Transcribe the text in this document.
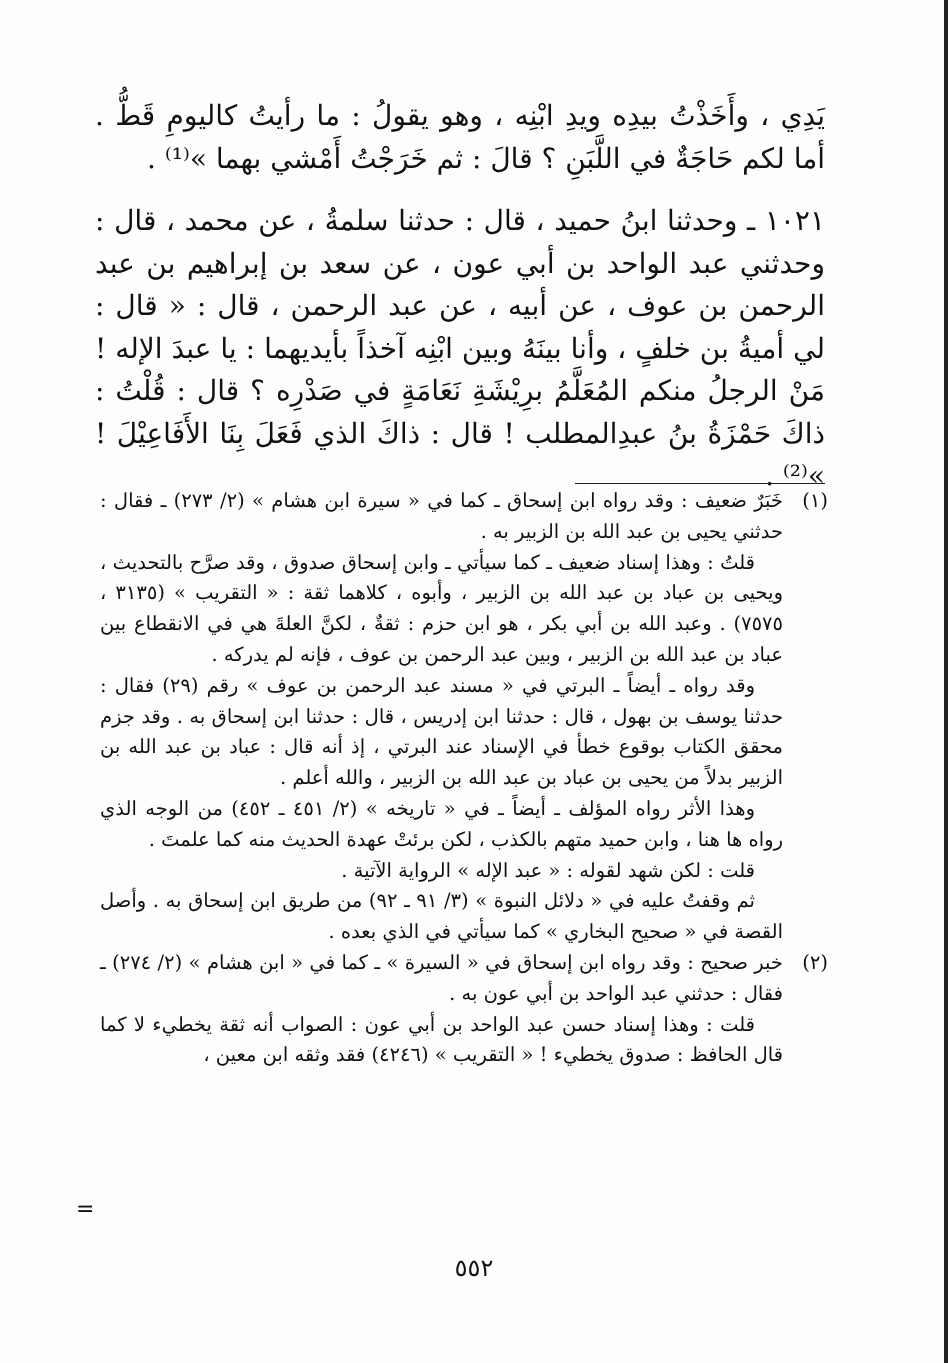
يَدِي ، وأَخَذْتُ بيدِه ويدِ ابْنِه ، وهو يقولُ : ما رأيتُ كاليومِ قَطُّ . أما لكم حَاجَةٌ في اللَّبَنِ ؟ قالَ : ثم خَرَجْتُ أَمْشي بهما »⁽¹⁾ .

١٠٢١ ـ وحدثنا ابنُ حميد ، قال : حدثنا سلمةُ ، عن محمد ، قال : وحدثني عبد الواحد بن أبي عون ، عن سعد بن إبراهيم بن عبد الرحمن بن عوف ، عن أبيه ، عن عبد الرحمن ، قال : « قال : لي أميةُ بن خلفٍ ، وأنا بينَهُ وبين ابْنِه آخذاً بأيديهما : يا عبدَ الإله ! مَنْ الرجلُ منكم المُعَلَّمُ برِيْشَةِ نَعَامَةٍ في صَدْرِه ؟ قال : قُلْتُ : ذاكَ حَمْزَةُ بنُ عبدِالمطلب ! قال : ذاكَ الذي فَعَلَ بِنَا الأَفَاعِيْلَ ! »⁽²⁾ .

(١)
خَبَرٌ ضعيف : وقد رواه ابن إسحاق ـ كما في « سيرة ابن هشام » (٢/ ٢٧٣) ـ فقال : حدثني يحيى بن عبد الله بن الزبير به .

قلتُ : وهذا إسناد ضعيف ـ كما سيأتي ـ وابن إسحاق صدوق ، وقد صرَّح بالتحديث ، ويحيى بن عباد بن عبد الله بن الزبير ، وأبوه ، كلاهما ثقة : « التقريب » (٣١٣٥ ، ٧٥٧٥) . وعبد الله بن أبي بكر ، هو ابن حزم : ثقةٌ ، لكنَّ العلةَ هي في الانقطاع بين عباد بن عبد الله بن الزبير ، وبين عبد الرحمن بن عوف ، فإنه لم يدركه .

وقد رواه ـ أيضاً ـ البرتي في « مسند عبد الرحمن بن عوف » رقم (٢٩) فقال : حدثنا يوسف بن بهول ، قال : حدثنا ابن إدريس ، قال : حدثنا ابن إسحاق به . وقد جزم محقق الكتاب بوقوع خطأ في الإسناد عند البرتي ، إذ أنه قال : عباد بن عبد الله بن الزبير بدلاً من يحيى بن عباد بن عبد الله بن الزبير ، والله أعلم .

وهذا الأثر رواه المؤلف ـ أيضاً ـ في « تاريخه » (٢/ ٤٥١ ـ ٤٥٢) من الوجه الذي رواه ها هنا ، وابن حميد متهم بالكذب ، لكن برئتْ عهدة الحديث منه كما علمتَ .

قلت : لكن شهد لقوله : « عبد الإله » الرواية الآتية .

ثم وقفتُ عليه في « دلائل النبوة » (٣/ ٩١ ـ ٩٢) من طريق ابن إسحاق به . وأصل القصة في « صحيح البخاري » كما سيأتي في الذي بعده .

(٢)
خبر صحيح : وقد رواه ابن إسحاق في « السيرة » ـ كما في « ابن هشام » (٢/ ٢٧٤) ـ فقال : حدثني عبد الواحد بن أبي عون به .

قلت : وهذا إسناد حسن عبد الواحد بن أبي عون : الصواب أنه ثقة يخطيء لا كما قال الحافظ : صدوق يخطيء ! « التقريب » (٤٢٤٦) فقد وثقه ابن معين ،

=
٥٥٢
